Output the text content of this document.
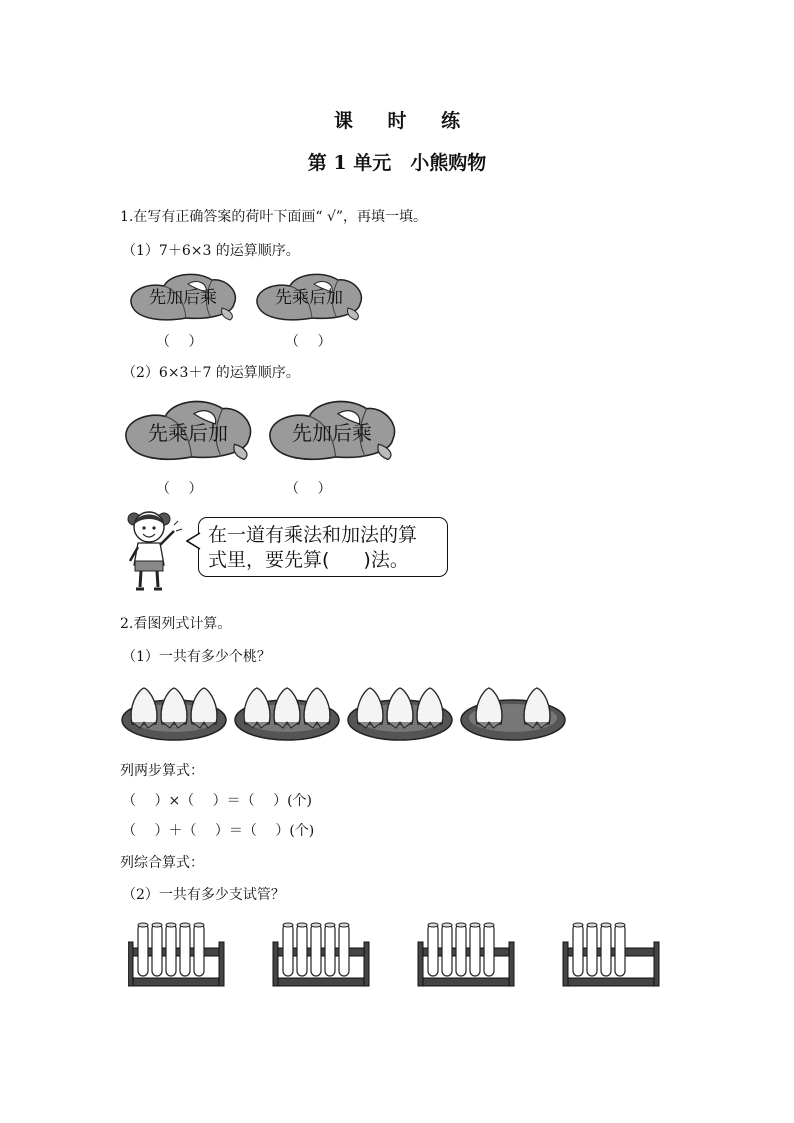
课 时 练
第 1 单元　小熊购物
1.在写有正确答案的荷叶下面画“ √”，再填一填。
（1）7＋6×3 的运算顺序。
先加后乘	先乘后加
（　 ）	（　 ）
（2）6×3＋7 的运算顺序。
先乘后加	先加后乘
（　 ）	（　 ）
在一道有乘法和加法的算
式里，要先算( )法。
2.看图列式计算。
（1）一共有多少个桃？
列两步算式：
（　 ）×（　 ）＝（　 ）(个)
（　 ）＋（　 ）＝（　 ）(个)
列综合算式：
（2）一共有多少支试管？
